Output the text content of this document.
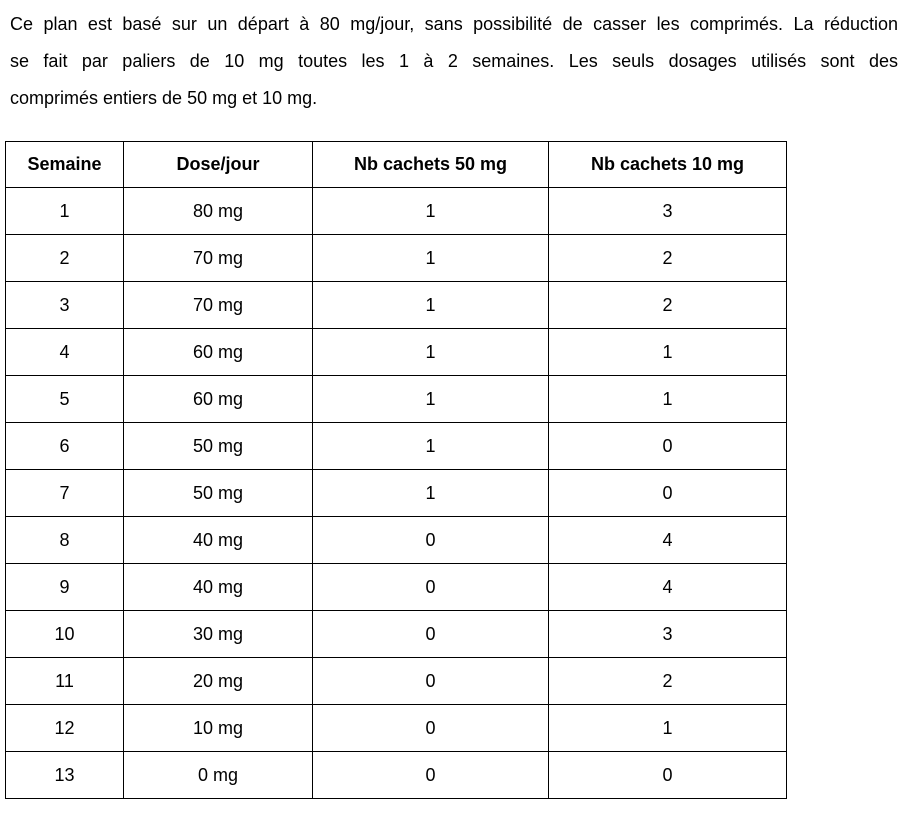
Ce plan est basé sur un départ à 80 mg/jour, sans possibilité de casser les comprimés. La réduction
se fait par paliers de 10 mg toutes les 1 à 2 semaines. Les seuls dosages utilisés sont des
comprimés entiers de 50 mg et 10 mg.

Semaine	Dose/jour	Nb cachets 50 mg	Nb cachets 10 mg
1	80 mg	1	3
2	70 mg	1	2
3	70 mg	1	2
4	60 mg	1	1
5	60 mg	1	1
6	50 mg	1	0
7	50 mg	1	0
8	40 mg	0	4
9	40 mg	0	4
10	30 mg	0	3
11	20 mg	0	2
12	10 mg	0	1
13	0 mg	0	0
